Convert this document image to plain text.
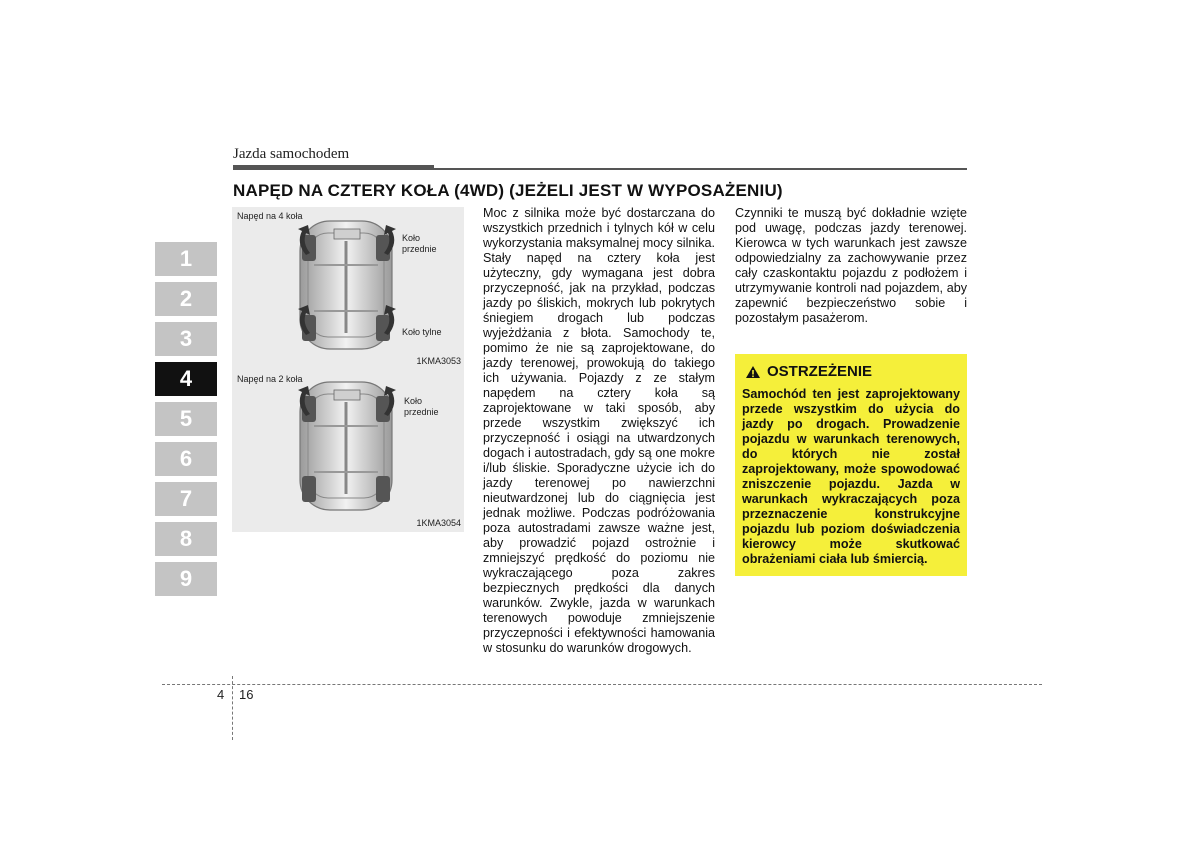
Jazda samochodem
NAPĘD NA CZTERY KOŁA (4WD) (JEŻELI JEST W WYPOSAŻENIU)
1
2
3
4
5
6
7
8
9
Napęd na 4 koła
Koło
przednie
Koło tylne
1KMA3053
Napęd na 2 koła
Koło
przednie
1KMA3054
Moc z silnika może być dostarczana do wszystkich przednich i tylnych kół w celu wykorzystania maksymalnej mocy silnika. Stały napęd na cztery koła jest użyteczny, gdy wymagana jest dobra przyczepność, jak na przykład, podczas jazdy po śliskich, mokrych lub pokrytych śniegiem drogach lub podczas wyjeżdżania z błota. Samochody te, pomimo że nie są zaprojektowane, do jazdy terenowej, prowokują do takiego ich używania. Pojazdy z ze stałym napędem na cztery koła są zaprojektowane w taki sposób, aby przede wszystkim zwiększyć ich przyczepność i osiągi na utwardzonych dogach i autostradach, gdy są one mokre i/lub śliskie. Sporadyczne użycie ich do jazdy terenowej po nawierzchni nieutwardzonej lub do ciągnięcia jest jednak możliwe. Podczas podróżowania poza autostradami zawsze ważne jest, aby prowadzić pojazd ostrożnie i zmniejszyć prędkość do poziomu nie wykraczającego poza zakres bezpiecznych prędkości dla danych warunków. Zwykle, jazda w warunkach terenowych powoduje zmniejszenie przyczepności i efektywności hamowania w stosunku do warunków drogowych.
Czynniki te muszą być dokładnie wzięte pod uwagę, podczas jazdy terenowej. Kierowca w tych warunkach jest zawsze odpowiedzialny za zachowywanie przez cały czaskontaktu pojazdu z podłożem i utrzymywanie kontroli nad pojazdem, aby zapewnić bezpieczeństwo sobie i pozostałym pasażerom.
OSTRZEŻENIE
Samochód ten jest zaprojektowany przede wszystkim do użycia do jazdy po drogach. Prowadzenie pojazdu w warunkach terenowych, do których nie został zaprojektowany, może spowodować zniszczenie pojazdu. Jazda w warunkach wykraczających poza przeznaczenie konstrukcyjne pojazdu lub poziom doświadczenia kierowcy może skutkować obrażeniami ciała lub śmiercią.
4 16
